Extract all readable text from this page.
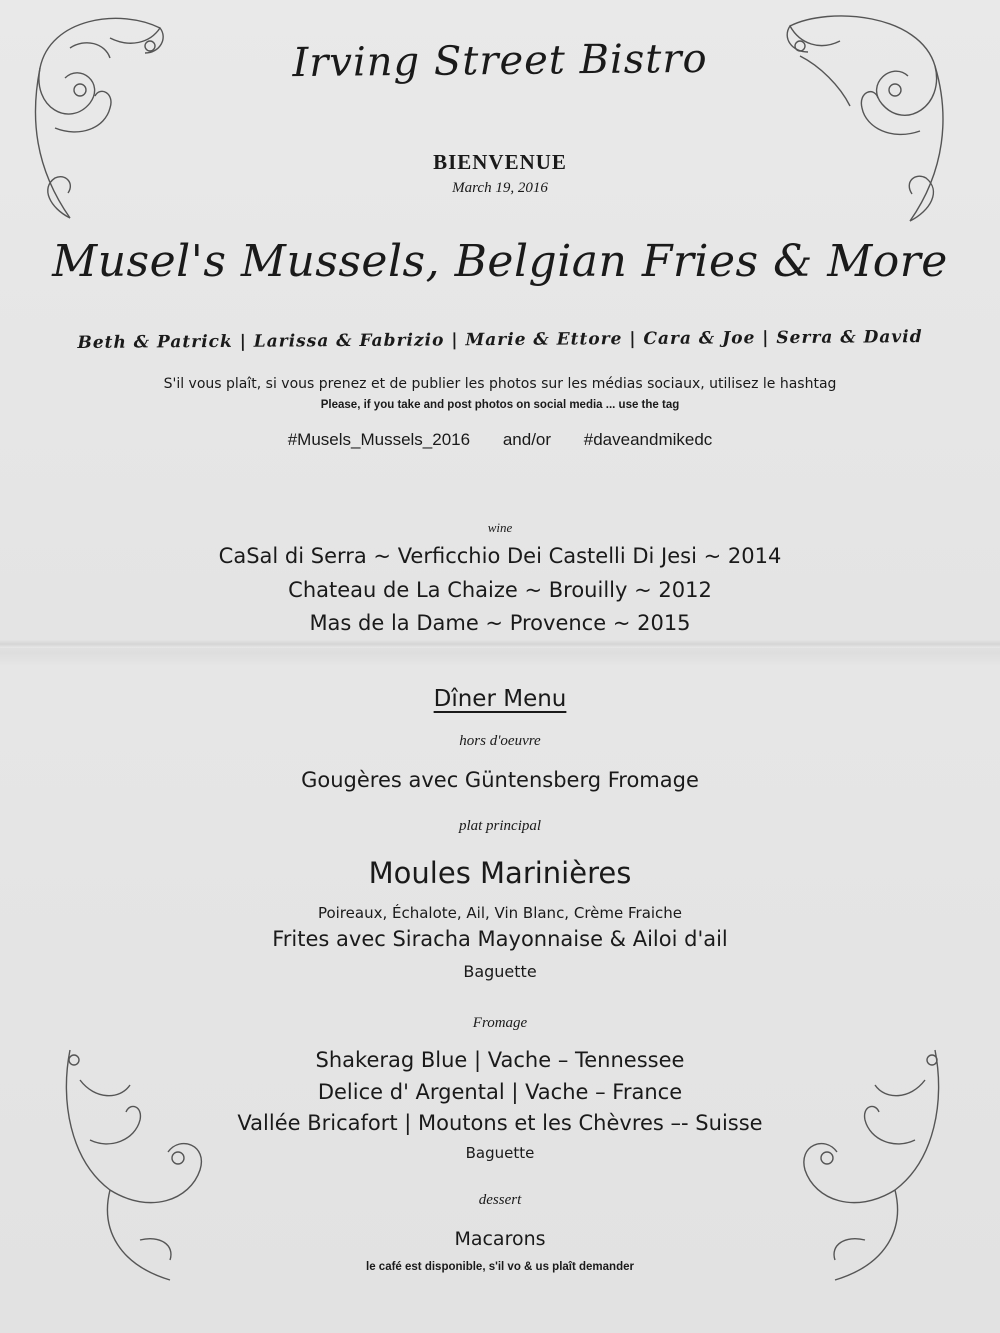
Irving Street Bistro
BIENVENUE
March 19, 2016
Musel's Mussels, Belgian Fries & More
Beth & Patrick | Larissa & Fabrizio | Marie & Ettore | Cara & Joe | Serra & David
S'il vous plaît, si vous prenez et de publier les photos sur les médias sociaux, utilisez le hashtag
Please, if you take and post photos on social media ... use the tag
#Musels_Mussels_2016 and/or #daveandmikedc
wine
CaSal di Serra ~ Verficchio Dei Castelli Di Jesi ~ 2014
Chateau de La Chaize ~ Brouilly ~ 2012
Mas de la Dame ~ Provence ~ 2015
Dîner Menu
hors d'oeuvre
Gougères avec Güntensberg Fromage
plat principal
Moules Marinières
Poireaux, Échalote, Ail, Vin Blanc, Crème Fraiche
Frites avec Siracha Mayonnaise & Ailoi d'ail
Baguette
Fromage
Shakerag Blue | Vache – Tennessee
Delice d' Argental | Vache – France
Vallée Bricafort | Moutons et les Chèvres –- Suisse
Baguette
dessert
Macarons
le café est disponible, s'il vo & us plaît demander
